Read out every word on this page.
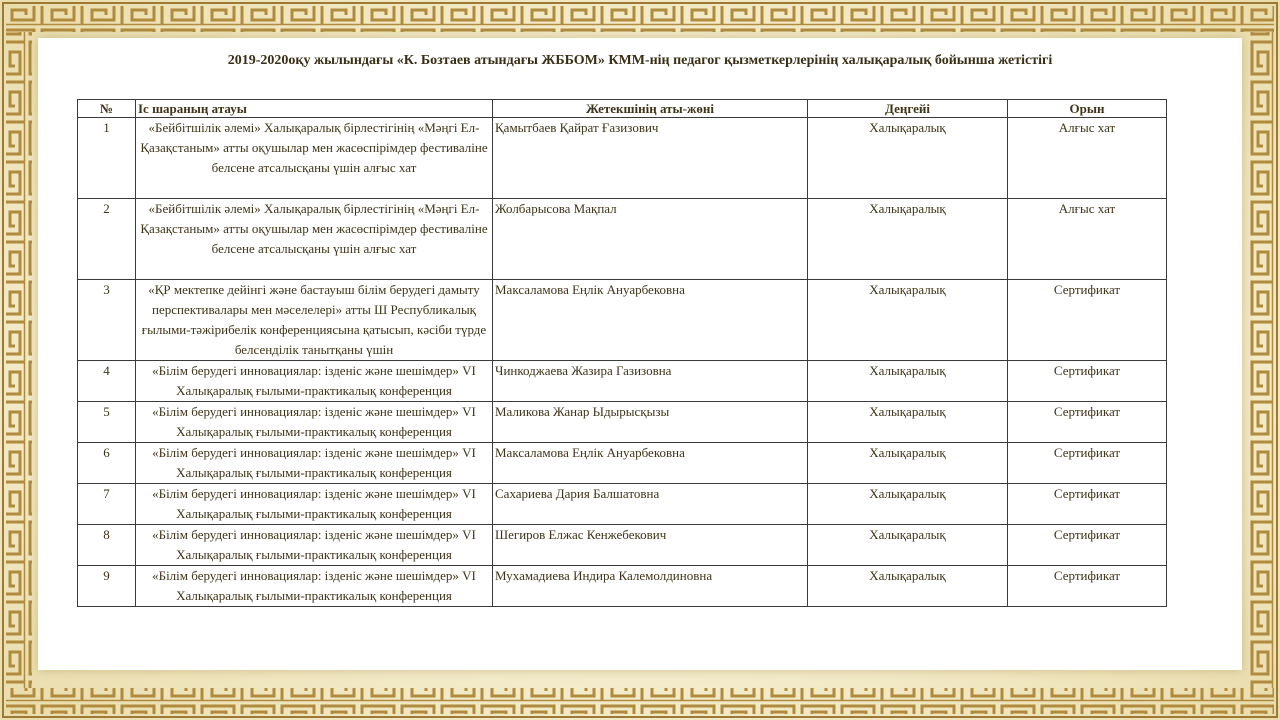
2019-2020оқу жылындағы «К. Бозтаев атындағы ЖББОМ» КММ-нің педагог қызметкерлерінің халықаралық бойынша жетістігі
№	Іс шараның атауы	Жетекшінің аты-жөні	Деңгейі	Орын
1	«Бейбітшілік әлемі» Халықаралық бірлестігінің «Мәңгі Ел-Қазақстаным» атты оқушылар мен жасөспірімдер фестиваліне белсене атсалысқаны үшін алғыс хат	Қамытбаев Қайрат Ғазизович	Халықаралық	Алғыс хат
2	«Бейбітшілік әлемі» Халықаралық бірлестігінің «Мәңгі Ел-Қазақстаным» атты оқушылар мен жасөспірімдер фестиваліне белсене атсалысқаны үшін алғыс хат	Жолбарысова Мақпал	Халықаралық	Алғыс хат
3	«ҚР мектепке дейінгі және бастауыш білім берудегі дамыту перспективалары мен мәселелері» атты Ш Республикалық ғылыми-тәжірибелік конференциясына қатысып, кәсіби түрде белсенділік танытқаны үшін	Максаламова Еңлік Ануарбековна	Халықаралық	Сертификат
4	«Білім берудегі инновациялар: ізденіс және шешімдер» VI Халықаралық ғылыми-практикалық конференция	Чинкоджаева Жазира Газизовна	Халықаралық	Сертификат
5	«Білім берудегі инновациялар: ізденіс және шешімдер» VI Халықаралық ғылыми-практикалық конференция	Маликова Жанар Ыдырысқызы	Халықаралық	Сертификат
6	«Білім берудегі инновациялар: ізденіс және шешімдер» VI Халықаралық ғылыми-практикалық конференция	Максаламова Еңлік Ануарбековна	Халықаралық	Сертификат
7	«Білім берудегі инновациялар: ізденіс және шешімдер» VI Халықаралық ғылыми-практикалық конференция	Сахариева Дария Балшатовна	Халықаралық	Сертификат
8	«Білім берудегі инновациялар: ізденіс және шешімдер» VI Халықаралық ғылыми-практикалық конференция	Шегиров Елжас Кенжебекович	Халықаралық	Сертификат
9	«Білім берудегі инновациялар: ізденіс және шешімдер» VI Халықаралық ғылыми-практикалық конференция	Мухамадиева Индира Калемолдиновна	Халықаралық	Сертификат
